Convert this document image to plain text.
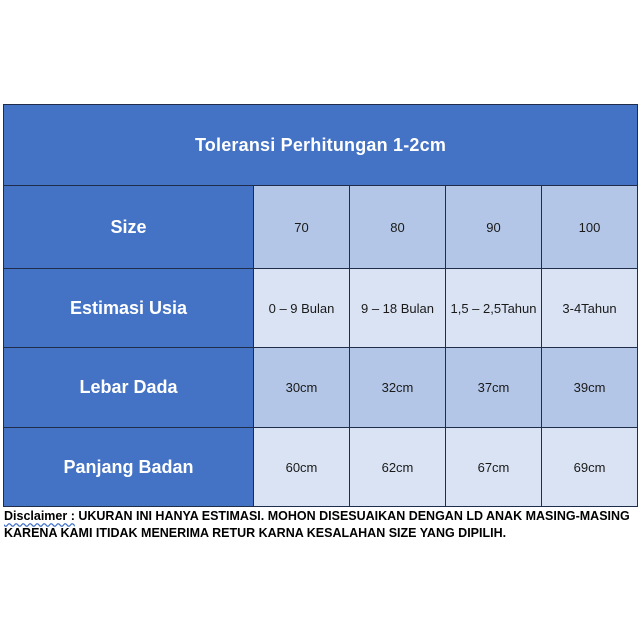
Toleransi Perhitungan 1-2cm				
Size	70	80	90	100
Estimasi Usia	0 – 9 Bulan	9 – 18 Bulan	1,5 – 2,5Tahun	3-4Tahun
Lebar Dada	30cm	32cm	37cm	39cm
Panjang Badan	60cm	62cm	67cm	69cm
Disclaimer : UKURAN INI HANYA ESTIMASI. MOHON DISESUAIKAN DENGAN LD ANAK MASING-MASING KARENA KAMI ITIDAK MENERIMA RETUR KARNA KESALAHAN SIZE YANG DIPILIH.
